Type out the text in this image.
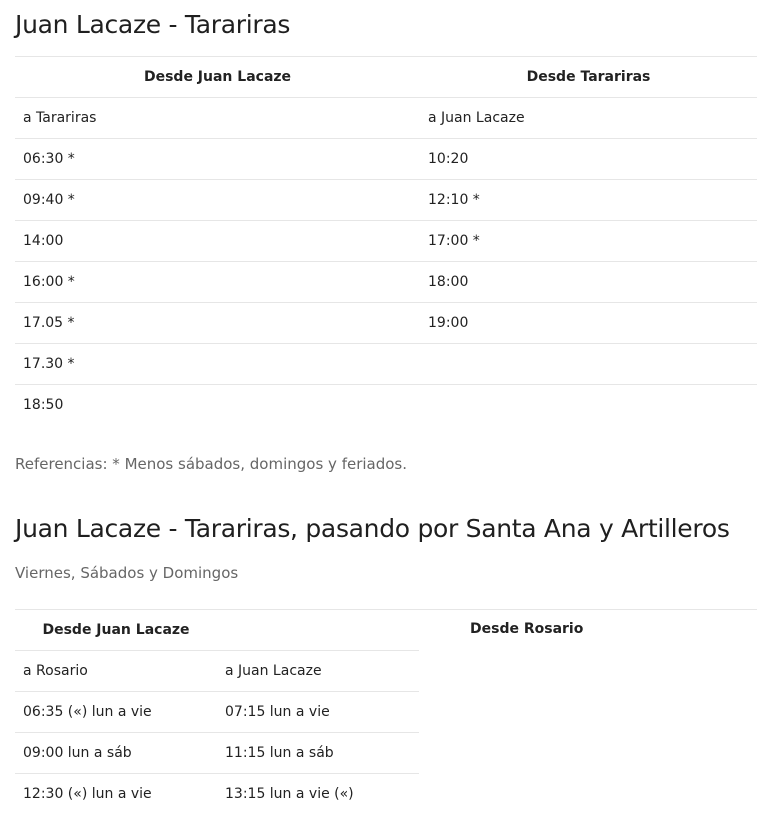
Juan Lacaze - Tarariras
Desde Juan Lacaze	Desde Tarariras
a Tarariras	a Juan Lacaze
06:30 *	10:20
09:40 *	12:10 *
14:00	17:00 *
16:00 *	18:00
17.05 *	19:00
17.30 *	
18:50	
Referencias: * Menos sábados, domingos y feriados.
Juan Lacaze - Tarariras, pasando por Santa Ana y Artilleros
Viernes, Sábados y Domingos
Desde Juan Lacaze	
a Rosario	a Juan Lacaze
06:35 («) lun a vie	07:15 lun a vie
09:00 lun a sáb	11:15 lun a sáb
12:30 («) lun a vie	13:15 lun a vie («)
Desde Rosario
